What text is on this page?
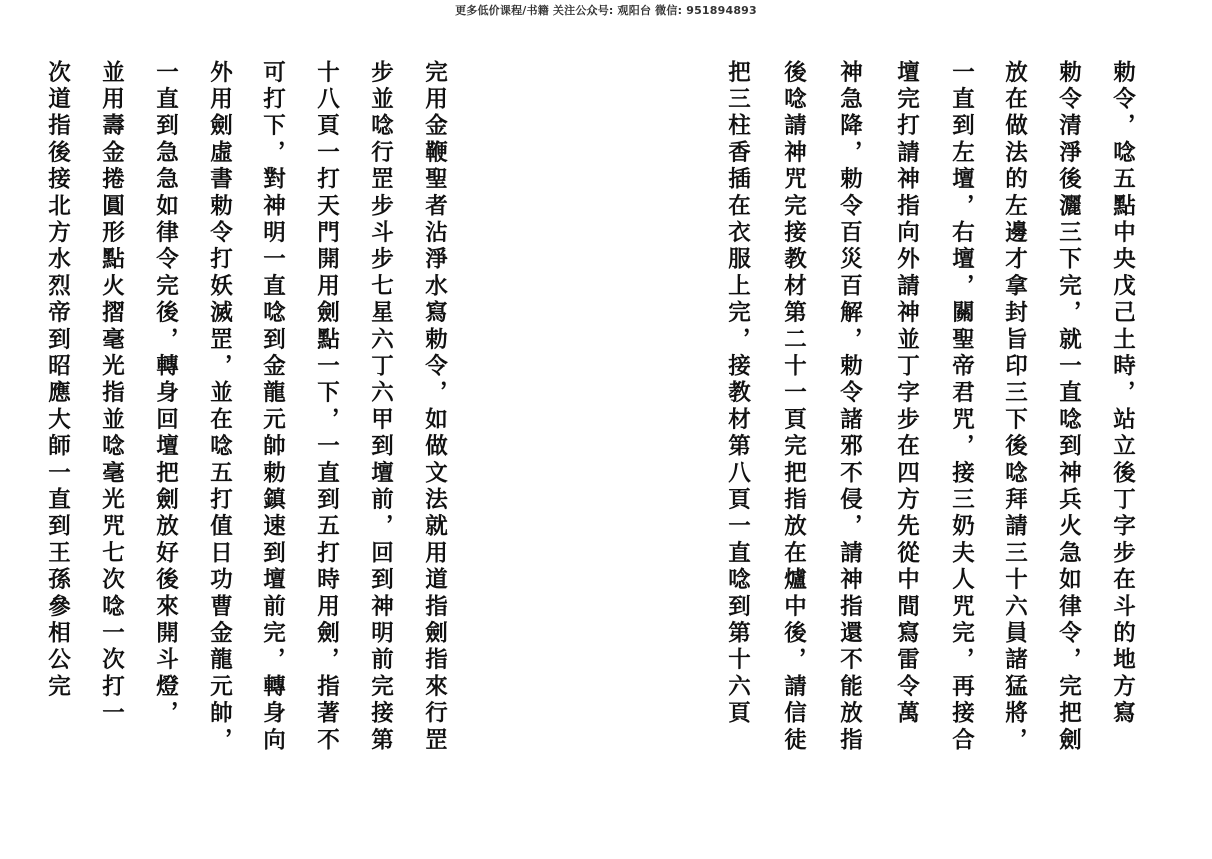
更多低价课程/书籍 关注公众号: 观阳台 微信: 951894893
完用金鞭聖者沾淨水寫勅令，如做文法就用道指劍指來行罡
步並唸行罡步斗步七星六丁六甲到壇前，回到神明前完接第
十八頁一打天門開用劍點一下，一直到五打時用劍，指著不
可打下，對神明一直唸到金龍元帥勅鎮速到壇前完，轉身向
外用劍虛書勅令打妖滅罡，並在唸五打值日功曹金龍元帥，
一直到急急如律令完後，轉身回壇把劍放好後來開斗燈，
並用壽金捲圓形點火摺毫光指並唸毫光咒七次唸一次打一
次道指後接北方水烈帝到昭應大師一直到王孫參相公完	勅令，唸五點中央戊己土時，站立後丁字步在斗的地方寫
勅令清淨後灑三下完，就一直唸到神兵火急如律令，完把劍
放在做法的左邊才拿封旨印三下後唸拜請三十六員諸猛將，
一直到左壇，右壇，關聖帝君咒，接三奶夫人咒完，再接合
壇完打請神指向外請神並丁字步在四方先從中間寫雷令萬
神急降，勅令百災百解，勅令諸邪不侵，請神指還不能放指
後唸請神咒完接教材第二十一頁完把指放在爐中後，請信徒
把三柱香插在衣服上完，接教材第八頁一直唸到第十六頁
